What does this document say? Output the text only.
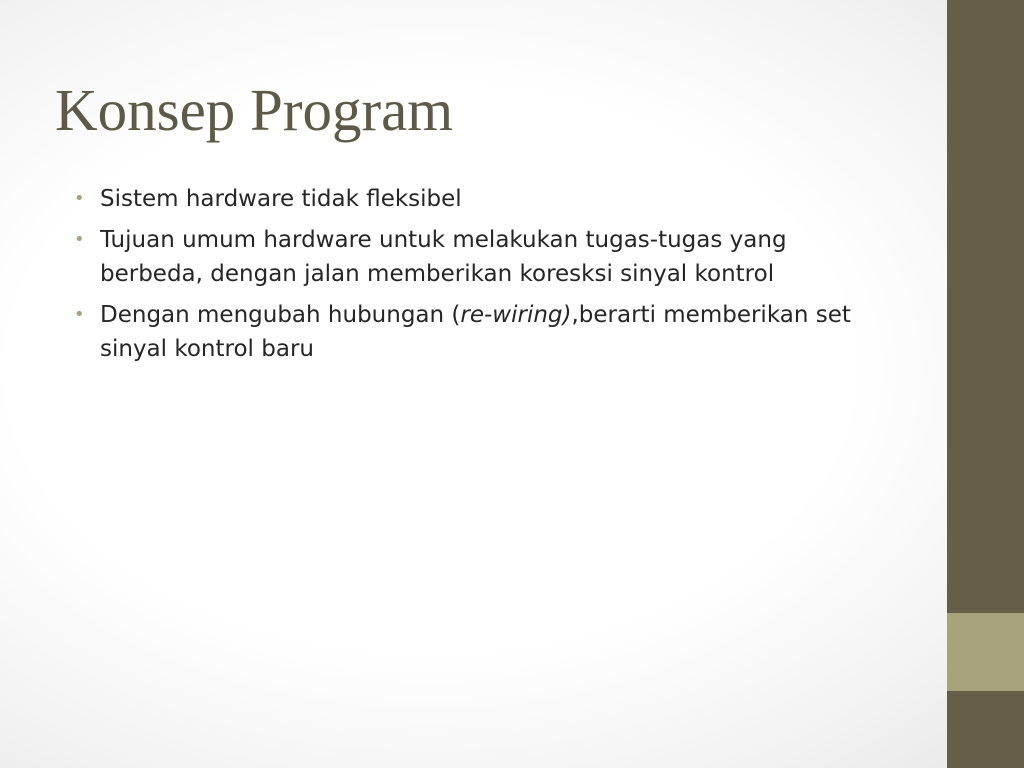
Konsep Program
• Sistem hardware tidak fleksibel
• Tujuan umum hardware untuk melakukan tugas-tugas yang berbeda, dengan jalan memberikan koresksi sinyal kontrol
• Dengan mengubah hubungan (re-wiring),berarti memberikan set sinyal kontrol baru
